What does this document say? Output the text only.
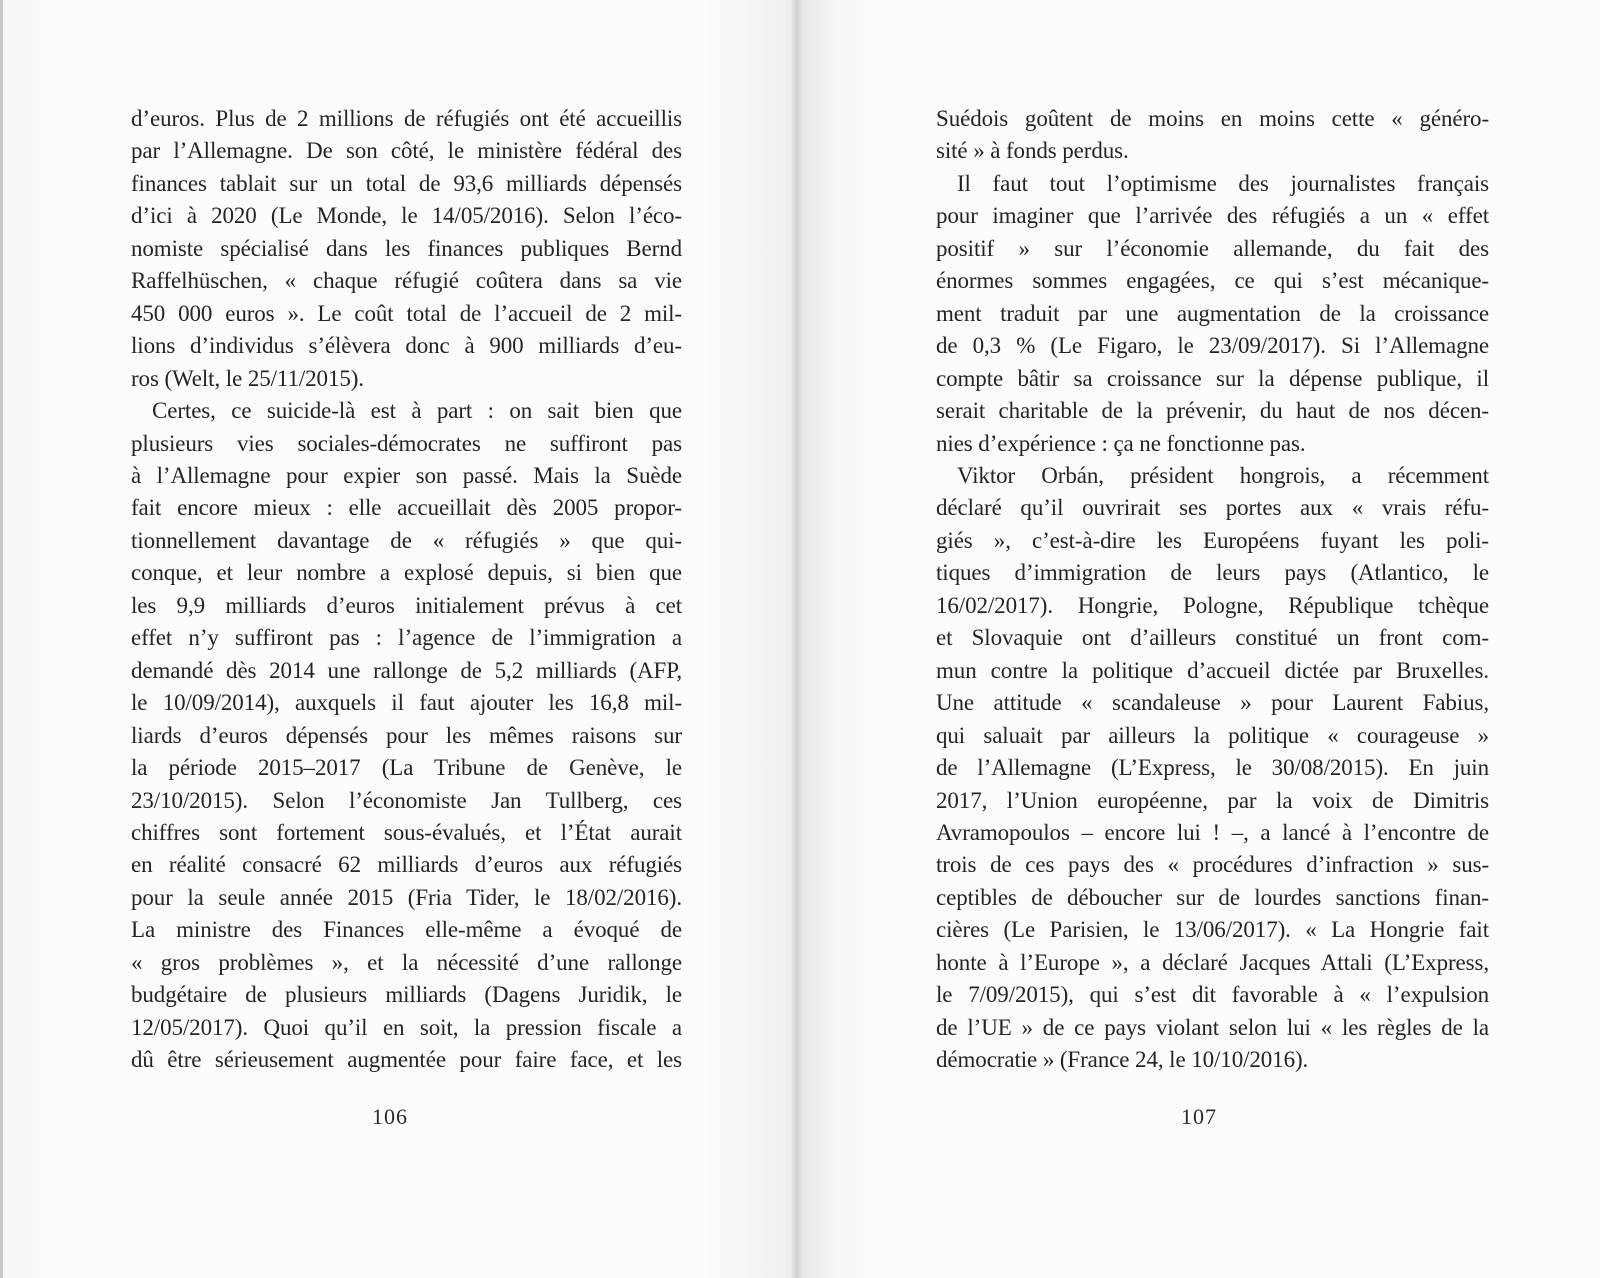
d’euros. Plus de 2 millions de réfugiés ont été accueillis
par l’Allemagne. De son côté, le ministère fédéral des
finances tablait sur un total de 93,6 milliards dépensés
d’ici à 2020 (Le Monde, le 14/05/2016). Selon l’éco-
nomiste spécialisé dans les finances publiques Bernd
Raffelhüschen, « chaque réfugié coûtera dans sa vie
450 000 euros ». Le coût total de l’accueil de 2 mil-
lions d’individus s’élèvera donc à 900 milliards d’eu-
ros (Welt, le 25/11/2015).
Certes, ce suicide-là est à part : on sait bien que
plusieurs vies sociales-démocrates ne suffiront pas
à l’Allemagne pour expier son passé. Mais la Suède
fait encore mieux : elle accueillait dès 2005 propor-
tionnellement davantage de « réfugiés » que qui-
conque, et leur nombre a explosé depuis, si bien que
les 9,9 milliards d’euros initialement prévus à cet
effet n’y suffiront pas : l’agence de l’immigration a
demandé dès 2014 une rallonge de 5,2 milliards (AFP,
le 10/09/2014), auxquels il faut ajouter les 16,8 mil-
liards d’euros dépensés pour les mêmes raisons sur
la période 2015–2017 (La Tribune de Genève, le
23/10/2015). Selon l’économiste Jan Tullberg, ces
chiffres sont fortement sous-évalués, et l’État aurait
en réalité consacré 62 milliards d’euros aux réfugiés
pour la seule année 2015 (Fria Tider, le 18/02/2016).
La ministre des Finances elle-même a évoqué de
« gros problèmes », et la nécessité d’une rallonge
budgétaire de plusieurs milliards (Dagens Juridik, le
12/05/2017). Quoi qu’il en soit, la pression fiscale a
dû être sérieusement augmentée pour faire face, et les
106
Suédois goûtent de moins en moins cette « généro-
sité » à fonds perdus.
Il faut tout l’optimisme des journalistes français
pour imaginer que l’arrivée des réfugiés a un « effet
positif » sur l’économie allemande, du fait des
énormes sommes engagées, ce qui s’est mécanique-
ment traduit par une augmentation de la croissance
de 0,3 % (Le Figaro, le 23/09/2017). Si l’Allemagne
compte bâtir sa croissance sur la dépense publique, il
serait charitable de la prévenir, du haut de nos décen-
nies d’expérience : ça ne fonctionne pas.
Viktor Orbán, président hongrois, a récemment
déclaré qu’il ouvrirait ses portes aux « vrais réfu-
giés », c’est-à-dire les Européens fuyant les poli-
tiques d’immigration de leurs pays (Atlantico, le
16/02/2017). Hongrie, Pologne, République tchèque
et Slovaquie ont d’ailleurs constitué un front com-
mun contre la politique d’accueil dictée par Bruxelles.
Une attitude « scandaleuse » pour Laurent Fabius,
qui saluait par ailleurs la politique « courageuse »
de l’Allemagne (L’Express, le 30/08/2015). En juin
2017, l’Union européenne, par la voix de Dimitris
Avramopoulos – encore lui ! –, a lancé à l’encontre de
trois de ces pays des « procédures d’infraction » sus-
ceptibles de déboucher sur de lourdes sanctions finan-
cières (Le Parisien, le 13/06/2017). « La Hongrie fait
honte à l’Europe », a déclaré Jacques Attali (L’Express,
le 7/09/2015), qui s’est dit favorable à « l’expulsion
de l’UE » de ce pays violant selon lui « les règles de la
démocratie » (France 24, le 10/10/2016).
107
